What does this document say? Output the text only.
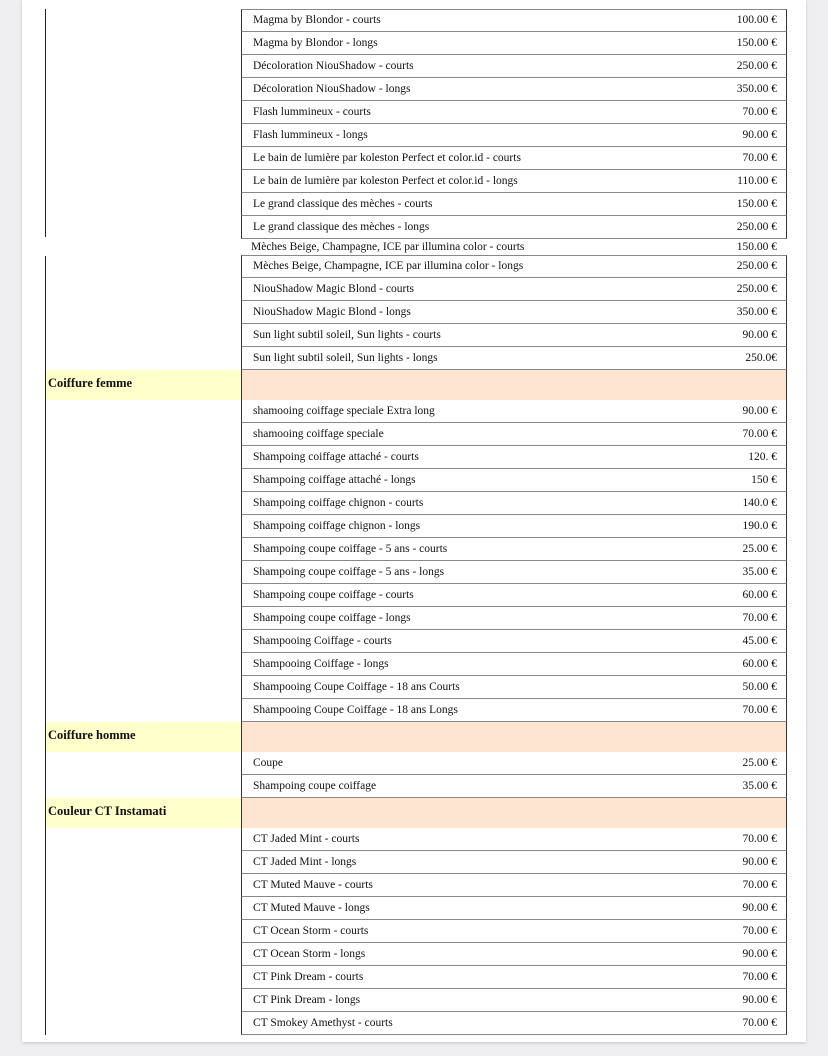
Magma by Blondor - courts	100.00 €
Magma by Blondor - longs	150.00 €
Décoloration NiouShadow - courts	250.00 €
Décoloration NiouShadow - longs	350.00 €
Flash lummineux - courts	70.00 €
Flash lummineux - longs	90.00 €
Le bain de lumière par koleston Perfect et color.id - courts	70.00 €
Le bain de lumière par koleston Perfect et color.id - longs	110.00 €
Le grand classique des mèches - courts	150.00 €
Le grand classique des mèches - longs	250.00 €
Mèches Beige, Champagne, ICE par illumina color - courts	150.00 €
Mèches Beige, Champagne, ICE par illumina color - longs	250.00 €
NiouShadow Magic Blond - courts	250.00 €
NiouShadow Magic Blond - longs	350.00 €
Sun light subtil soleil, Sun lights - courts	90.00 €
Sun light subtil soleil, Sun lights - longs	250.0€
Coiffure femme
shamooing coiffage speciale Extra long	90.00 €
shamooing coiffage speciale	70.00 €
Shampoing coiffage attaché - courts	120. €
Shampoing coiffage attaché - longs	150 €
Shampoing coiffage chignon - courts	140.0 €
Shampoing coiffage chignon - longs	190.0 €
Shampoing coupe coiffage - 5 ans - courts	25.00 €
Shampoing coupe coiffage - 5 ans - longs	35.00 €
Shampoing coupe coiffage - courts	60.00 €
Shampoing coupe coiffage - longs	70.00 €
Shampooing Coiffage - courts	45.00 €
Shampooing Coiffage - longs	60.00 €
Shampooing Coupe Coiffage - 18 ans Courts	50.00 €
Shampooing Coupe Coiffage - 18 ans Longs	70.00 €
Coiffure homme
Coupe	25.00 €
Shampoing coupe coiffage	35.00 €
Couleur CT Instamati
CT Jaded Mint - courts	70.00 €
CT Jaded Mint - longs	90.00 €
CT Muted Mauve - courts	70.00 €
CT Muted Mauve - longs	90.00 €
CT Ocean Storm - courts	70.00 €
CT Ocean Storm - longs	90.00 €
CT Pink Dream - courts	70.00 €
CT Pink Dream - longs	90.00 €
CT Smokey Amethyst - courts	70.00 €
